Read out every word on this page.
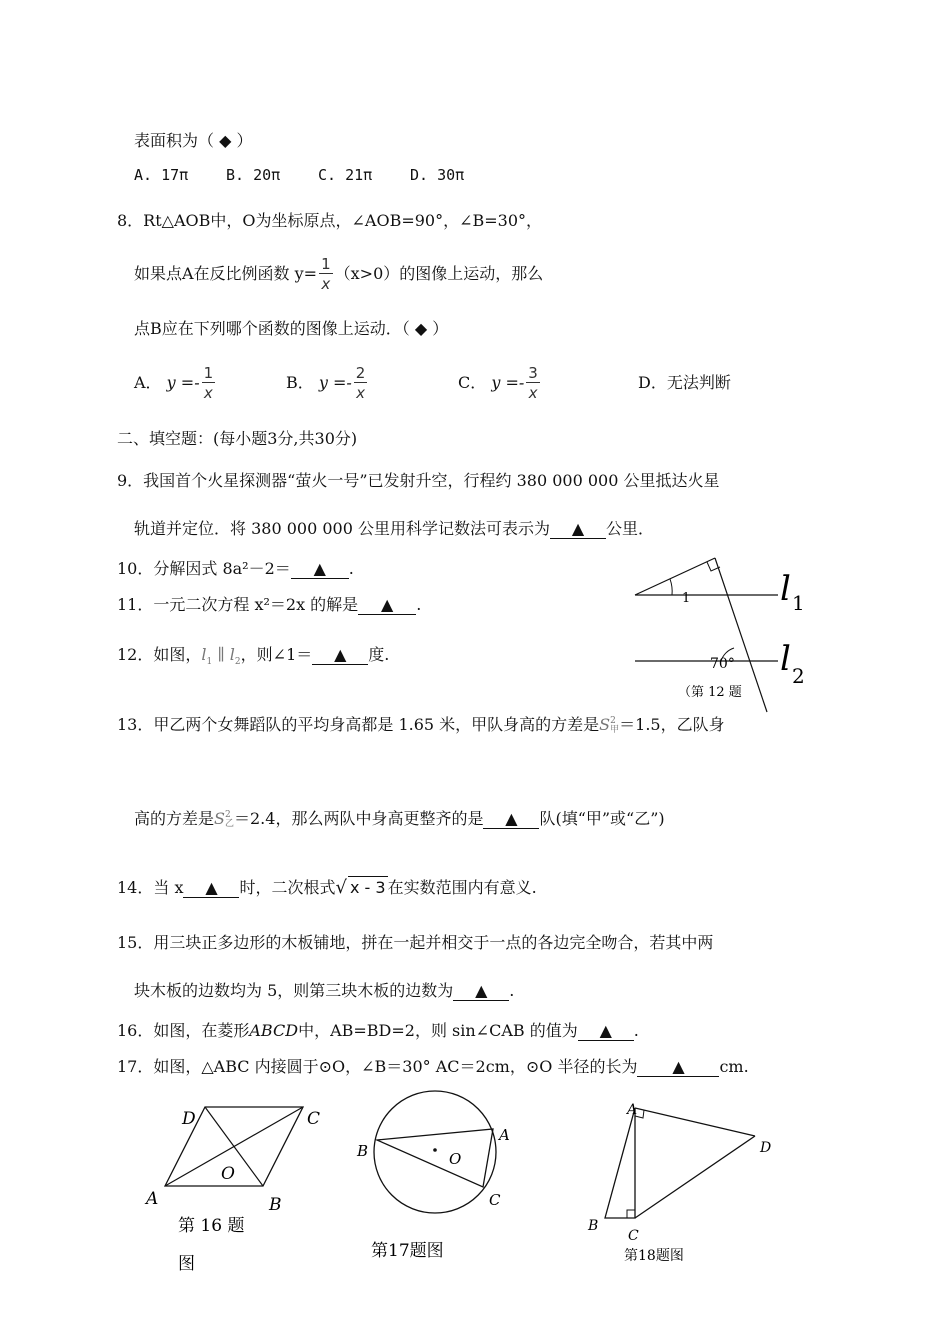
表面积为（ ◆ ）
A. 17π	B. 20π	C. 21π	D. 30π
8．Rt△AOB中，O为坐标原点，∠AOB=90°，∠B=30°，
如果点A在反比例函数 $y= \frac{1}{x} (x>0)$的图像上运动，那么
点B应在下列哪个函数的图像上运动．（ ◆ ）
A． $y =- \frac{1}{x}$	B． $y =- \frac{2}{x}$	C． $y =- \frac{3}{x}$	D．无法判断
二、填空题：(每小题3分,共30分)
9．我国首个火星探测器“萤火一号”已发射升空，行程约 380 000 000 公里抵达火星
轨道并定位．将 380 000 000 公里用科学记数法可表示为 ▲ 公里．
10．分解因式 8a²－2＝ ▲ .
11．一元二次方程 x²＝2x 的解是 ▲ .
12．如图，$l_1$ ∥ $l_2$，则∠1＝ ▲ 度.
13．甲乙两个女舞蹈队的平均身高都是 1.65 米，甲队身高的方差是S 2
甲 ＝1.5，乙队身
高的方差是S 2
乙 ＝2.4，那么两队中身高更整齐的是 ▲ 队(填“甲”或“乙”)
14．当 x ▲ 时，二次根式√ x - 3 在实数范围内有意义.
15．用三块正多边形的木板铺地，拼在一起并相交于一点的各边完全吻合，若其中两
块木板的边数均为 5，则第三块木板的边数为 ▲ .
16．如图，在菱形ABCD中，AB=BD=2，则 sin∠CAB 的值为 ▲ .
17．如图，△ABC 内接圆于⊙O，∠B＝30° AC＝2cm，⊙O 半径的长为 ▲ cm.
1
70°
l 1
l 2
（第 12 题
A	B
C
D
O
第 16 题
图
B
A
C
O
第17题图
A
B
C
D
第18题图
